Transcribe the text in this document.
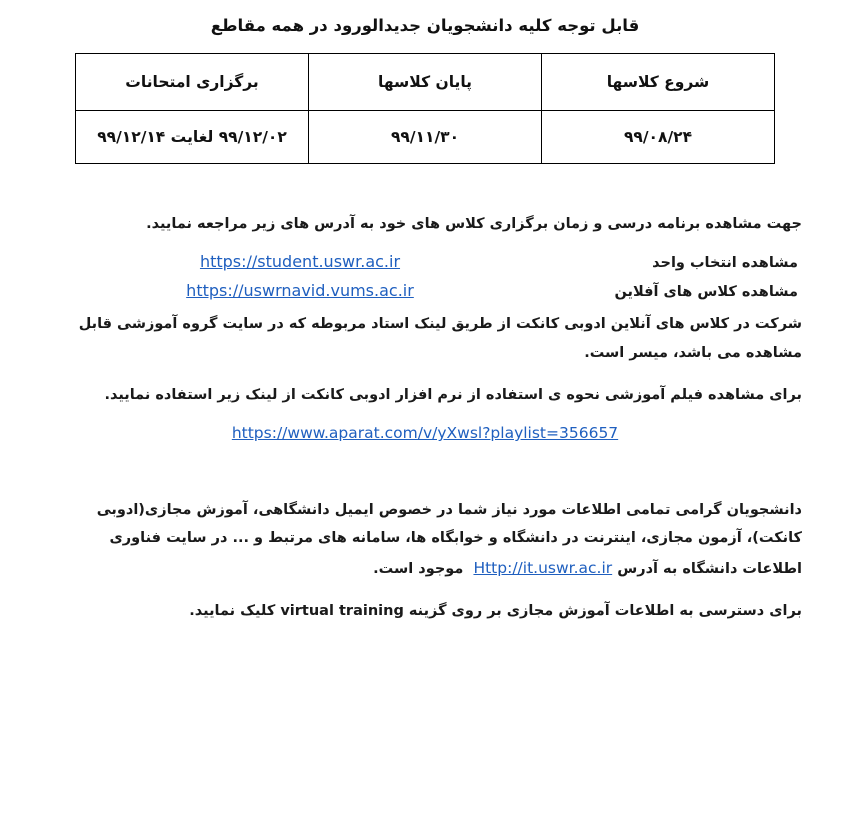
قابل توجه کلیه دانشجویان جدیدالورود در همه مقاطع
شروع کلاسها	پایان کلاسها	برگزاری امتحانات
۹۹/۰۸/۲۴	۹۹/۱۱/۳۰	۹۹/۱۲/۰۲ لغایت ۹۹/۱۲/۱۴

جهت مشاهده برنامه درسی و زمان برگزاری کلاس های خود به آدرس های زیر مراجعه نمایید.

مشاهده انتخاب واحد
https://student.uswr.ac.ir
مشاهده کلاس های آفلاین
https://uswrnavid.vums.ac.ir

شرکت در کلاس های آنلاین ادوبی کانکت از طریق لینک استاد مربوطه که در سایت گروه آموزشی قابل مشاهده می باشد، میسر است.

برای مشاهده فیلم آموزشی نحوه ی استفاده از نرم افزار ادوبی کانکت از لینک زیر استفاده نمایید.

https://www.aparat.com/v/yXwsl?playlist=356657

دانشجویان گرامی تمامی اطلاعات مورد نیاز شما در خصوص ایمیل دانشگاهی، آموزش مجازی(ادوبی کانکت)، آزمون مجازی، اینترنت در دانشگاه و خوابگاه ها، سامانه های مرتبط و ... در سایت فناوری اطلاعات دانشگاه به آدرس Http://it.uswr.ac.ir  موجود است.

برای دسترسی به اطلاعات آموزش مجازی بر روی گزینه virtual training کلیک نمایید.
